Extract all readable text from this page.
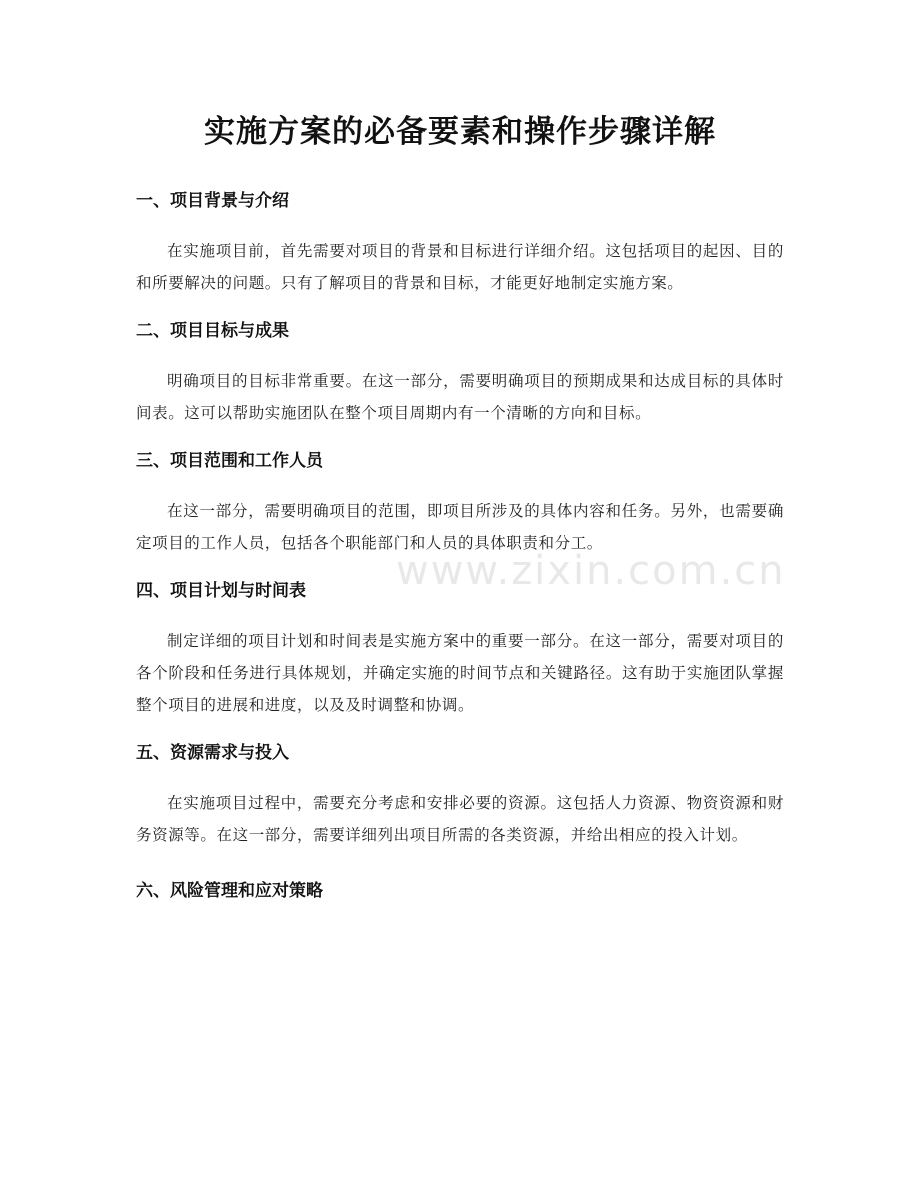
实施方案的必备要素和操作步骤详解
一、项目背景与介绍

在实施项目前，首先需要对项目的背景和目标进行详细介绍。这包括项目的起因、目的和所要解决的问题。只有了解项目的背景和目标，才能更好地制定实施方案。

二、项目目标与成果

明确项目的目标非常重要。在这一部分，需要明确项目的预期成果和达成目标的具体时间表。这可以帮助实施团队在整个项目周期内有一个清晰的方向和目标。

三、项目范围和工作人员

在这一部分，需要明确项目的范围，即项目所涉及的具体内容和任务。另外，也需要确定项目的工作人员，包括各个职能部门和人员的具体职责和分工。

四、项目计划与时间表

制定详细的项目计划和时间表是实施方案中的重要一部分。在这一部分，需要对项目的各个阶段和任务进行具体规划，并确定实施的时间节点和关键路径。这有助于实施团队掌握整个项目的进展和进度，以及及时调整和协调。

五、资源需求与投入

在实施项目过程中，需要充分考虑和安排必要的资源。这包括人力资源、物资资源和财务资源等。在这一部分，需要详细列出项目所需的各类资源，并给出相应的投入计划。

六、风险管理和应对策略
www.zixin.com.cn
